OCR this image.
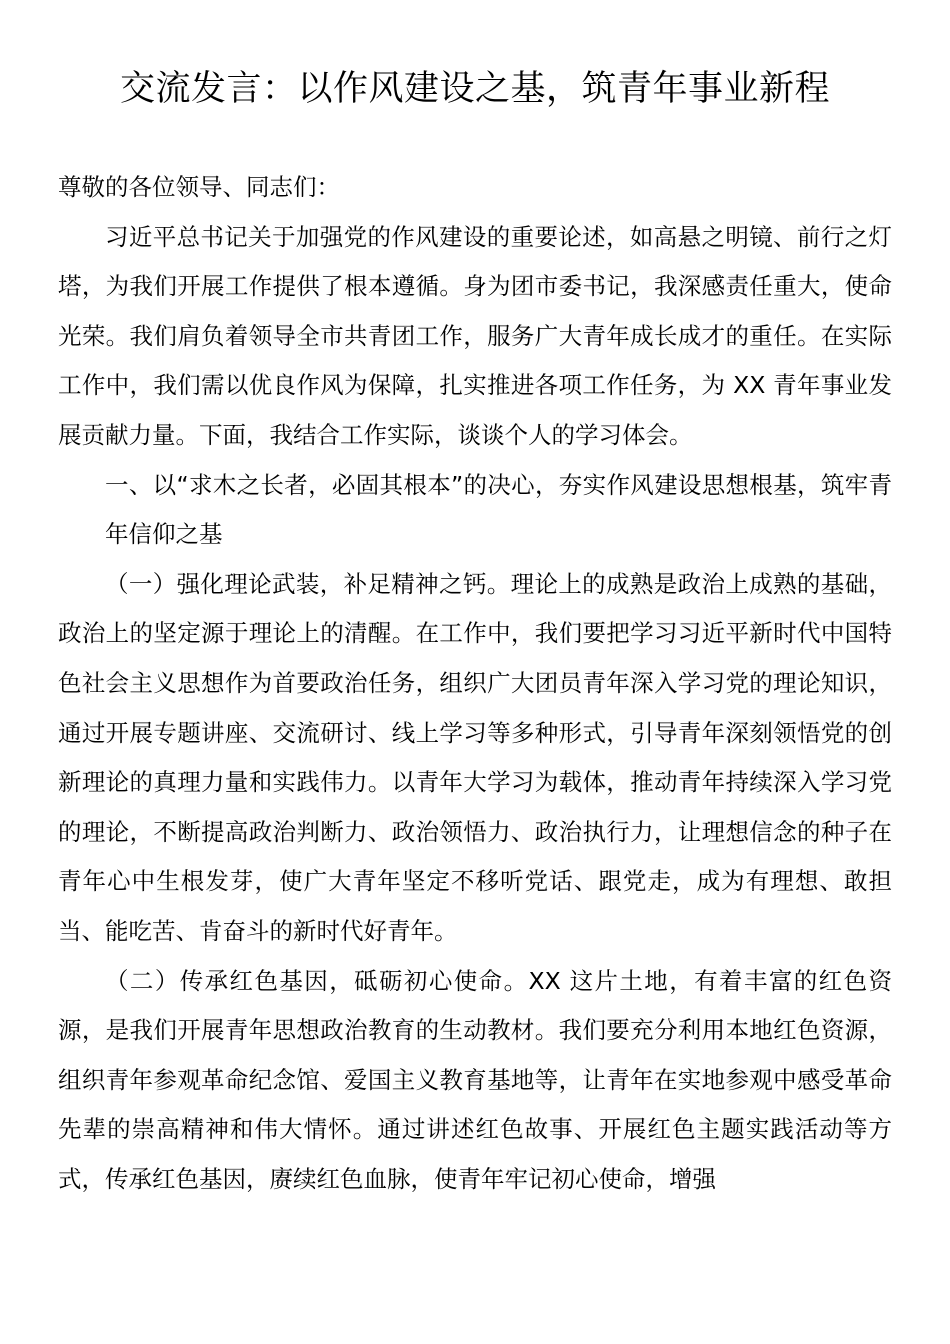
交流发言：以作风建设之基，筑青年事业新程

尊敬的各位领导、同志们：

习近平总书记关于加强党的作风建设的重要论述，如高悬之明镜、前行之灯塔，为我们开展工作提供了根本遵循。身为团市委书记，我深感责任重大，使命光荣。我们肩负着领导全市共青团工作，服务广大青年成长成才的重任。在实际工作中，我们需以优良作风为保障，扎实推进各项工作任务，为 XX 青年事业发展贡献力量。下面，我结合工作实际，谈谈个人的学习体会。

一、以“求木之长者，必固其根本”的决心，夯实作风建设思想根基，筑牢青年信仰之基

（一）强化理论武装，补足精神之钙。理论上的成熟是政治上成熟的基础，政治上的坚定源于理论上的清醒。在工作中，我们要把学习习近平新时代中国特色社会主义思想作为首要政治任务，组织广大团员青年深入学习党的理论知识，通过开展专题讲座、交流研讨、线上学习等多种形式，引导青年深刻领悟党的创新理论的真理力量和实践伟力。以青年大学习为载体，推动青年持续深入学习党的理论，不断提高政治判断力、政治领悟力、政治执行力，让理想信念的种子在青年心中生根发芽，使广大青年坚定不移听党话、跟党走，成为有理想、敢担当、能吃苦、肯奋斗的新时代好青年。

（二）传承红色基因，砥砺初心使命。XX 这片土地，有着丰富的红色资源，是我们开展青年思想政治教育的生动教材。我们要充分利用本地红色资源，组织青年参观革命纪念馆、爱国主义教育基地等，让青年在实地参观中感受革命先辈的崇高精神和伟大情怀。通过讲述红色故事、开展红色主题实践活动等方式，传承红色基因，赓续红色血脉，使青年牢记初心使命，增强
